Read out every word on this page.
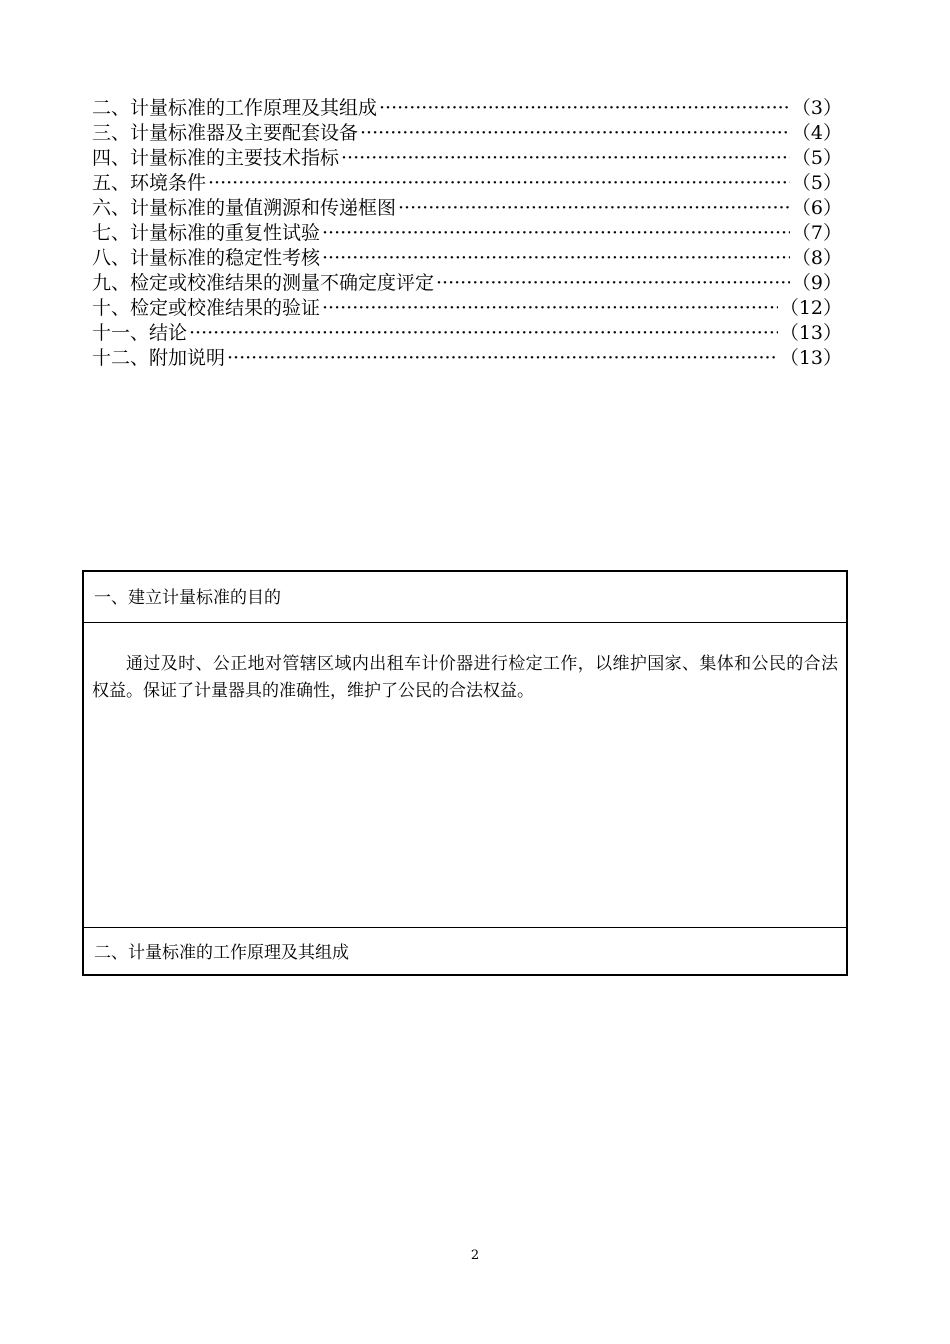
二、计量标准的工作原理及其组成 ·····	（3）
三、计量标准器及主要配套设备 ·····	（4）
四、计量标准的主要技术指标 ·····	（5）
五、环境条件 ·····	（5）
六、计量标准的量值溯源和传递框图 ·····	（6）
七、计量标准的重复性试验 ·····	（7）
八、计量标准的稳定性考核 ·····	（8）
九、检定或校准结果的测量不确定度评定 ·····	（9）
十、检定或校准结果的验证 ·····	（12）
十一、结论 ·····	（13）
十二、附加说明 ·····	（13）
一、建立计量标准的目的

通过及时、公正地对管辖区域内出租车计价器进行检定工作，以维护国家、集体和公民的合法权益。保证了计量器具的准确性，维护了公民的合法权益。

二、计量标准的工作原理及其组成
2
